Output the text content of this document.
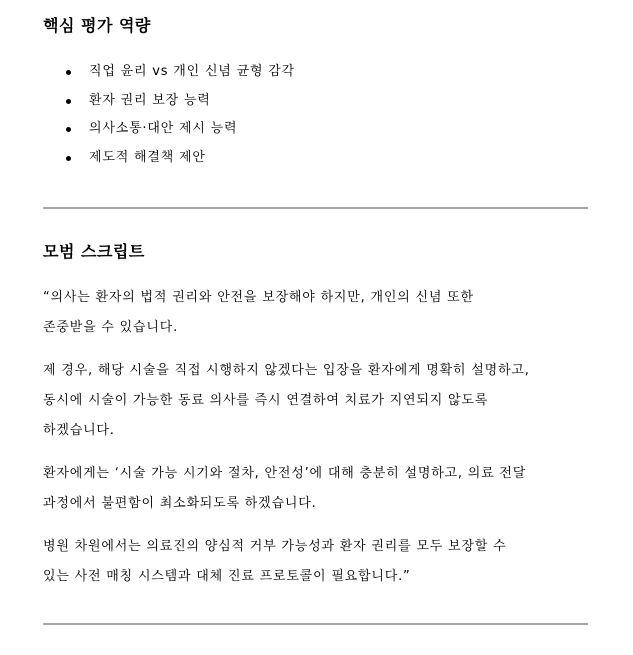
핵심 평가 역량
직업 윤리 vs 개인 신념 균형 감각
환자 권리 보장 능력
의사소통·대안 제시 능력
제도적 해결책 제안
모범 스크립트

“의사는 환자의 법적 권리와 안전을 보장해야 하지만, 개인의 신념 또한
존중받을 수 있습니다.

제 경우, 해당 시술을 직접 시행하지 않겠다는 입장을 환자에게 명확히 설명하고,
동시에 시술이 가능한 동료 의사를 즉시 연결하여 치료가 지연되지 않도록
하겠습니다.

환자에게는 ‘시술 가능 시기와 절차, 안전성’에 대해 충분히 설명하고, 의료 전달
과정에서 불편함이 최소화되도록 하겠습니다.

병원 차원에서는 의료진의 양심적 거부 가능성과 환자 권리를 모두 보장할 수
있는 사전 매칭 시스템과 대체 진료 프로토콜이 필요합니다.”
